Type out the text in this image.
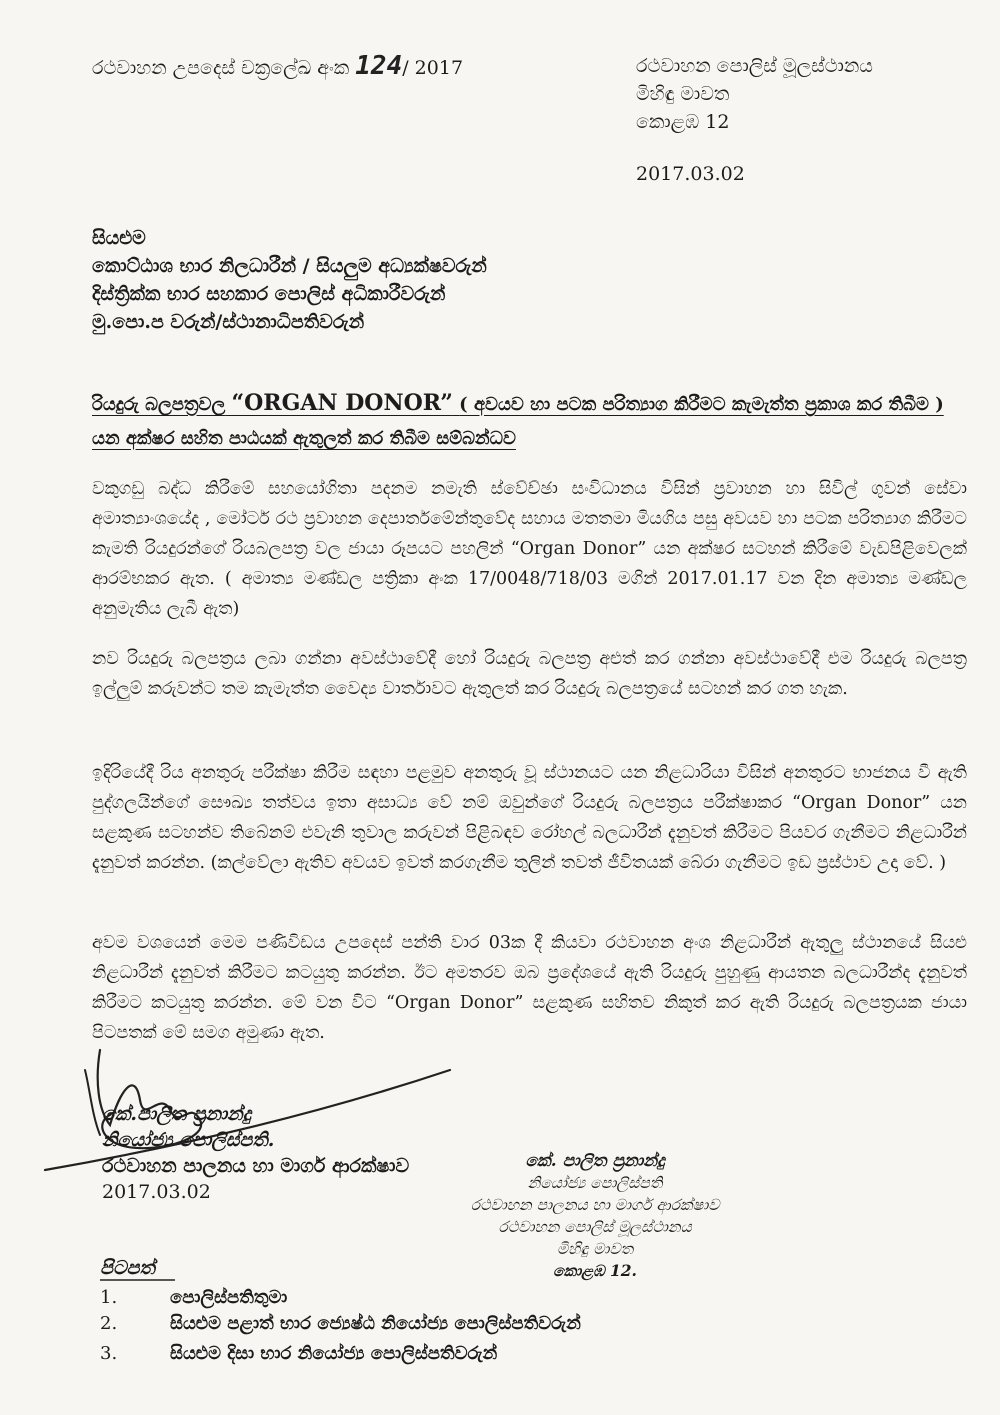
රථවාහන උපදෙස් චක්‍රලේඛ අංක 124/ 2017	රථවාහන පොලිස් මූලස්ථානය
මිහිඳු මාවත
කොළඹ 12
2017.03.02
සියළුම
කොට්ඨාශ භාර නිලධාරීන් / සියලුම අධ්‍යක්ෂවරුන්
දිස්ත්‍රික්ක භාර සහකාර පොලිස් අධිකාරීවරුන්
මු.පො.ප වරුන්/ස්ථානාධිපතිවරුන්
රියදුරු බලපත්‍රවල “ORGAN DONOR” ( අවයව හා පටක පරිත්‍යාග කිරීමට කැමැත්ත ප්‍රකාශ කර තිබීම ) යන අක්ෂර සහිත පාඨයක් ඇතුලත් කර තිබීම සම්බන්ධව
වකුගඩු බද්ධ කිරීමේ සහයෝගිතා පදනම නමැති ස්වේච්ඡා සංවිධානය විසින් ප්‍රවාහන හා සිවිල් ගුවන් සේවා අමාත්‍යාංශයේද , මෝටර් රථ ප්‍රවාහන දෙපාර්තමේන්තුවේද සහාය මතතමා මියගිය පසු අවයව හා පටක පරිත්‍යාග කිරීමට කැමති රියදුරන්ගේ රියබලපත්‍ර වල ජායා රූපයට පහලින් “Organ Donor” යන අක්ෂර සටහන් කිරීමේ වැඩපිළිවෙලක් ආරම්භකර ඇත. ( අමාත්‍ය මණ්ඩල පත්‍රිකා අංක 17/0048/718/03 මගින් 2017.01.17 වන දින අමාත්‍ය මණ්ඩල අනුමැතිය ලැබී ඇත)
නව රියදුරු බලපත්‍රය ලබා ගන්නා අවස්ථාවේදී හෝ රියදුරු බලපත්‍ර අළුත් කර ගන්නා අවස්ථාවේදී එම රියදුරු බලපත්‍ර ඉල්ලුම් කරුවන්ට තම කැමැත්ත වෛද්‍ය වාර්තාවට ඇතුලත් කර රියදුරු බලපත්‍රයේ සටහන් කර ගත හැක.
ඉදිරියේදී රිය අනතුරු පරීක්ෂා කිරීම සඳහා පළමුව අනතුරු වූ ස්ථානයට යන නිළධාරියා විසින් අනතුරට භාජනය වී ඇති පුද්ගලයින්ගේ සෞඛ්‍ය තත්වය ඉතා අසාධ්‍ය වේ නම් ඔවුන්ගේ රියදුරු බලපත්‍රය පරීක්ෂාකර “Organ Donor” යන සළකුණ සටහන්ව තිබේනම් එවැනි තුවාල කරුවන් පිළිබඳව රෝහල් බලධාරීන් දැනුවත් කිරීමට පියවර ගැනීමට නිළධාරීන් දැනුවත් කරන්න. (කල්වේලා ඇතිව අවයව ඉවත් කරගැනීම තුලින් තවත් ජීවිතයක් බේරා ගැනීමට ඉඩ ප්‍රස්ථාව උදා වේ. )
අවම වශයෙන් මෙම පණිවිඩය උපදෙස් පන්ති වාර 03ක දී කියවා රථවාහන අංශ නිළධාරීන් ඇතුලු ස්ථානයේ සියළු නිළධාරීන් දැනුවත් කිරීමට කටයුතු කරන්න. ඊට අමතරව ඔබ ප්‍රදේශයේ ඇති රියදුරු පුහුණු ආයතන බලධාරීන්ද දැනුවත් කිරීමට කටයුතු කරන්න. මේ වන විට “Organ Donor” සළකුණ සහිතව නිකුත් කර ඇති රියදුරු බලපත්‍රයක ජායා පිටපතක් මේ සමග අමුණා ඇත.
කේ.පාලිත ප්‍රනාන්දු
නියෝජ්‍ය පොලිස්පති.
රථවාහන පාලනය හා මාර්ග ආරක්ෂාව
2017.03.02
කේ. පාලිත ප්‍රනාන්දු
නියෝජ්‍ය පොලිස්පති
රථවාහන පාලනය හා මාර්ග ආරක්ෂාව
රථවාහන පොලිස් මූලස්ථානය
මිහිඳු මාවත
කොළඹ 12.
පිටපත්
1.	පොලිස්පතිතුමා
2.	සියළුම පළාත් භාර ජ්‍යෙෂ්ඨ නියෝජ්‍ය පොලිස්පතිවරුන්
3.	සියළුම දිසා භාර නියෝජ්‍ය පොලිස්පතිවරුන්
